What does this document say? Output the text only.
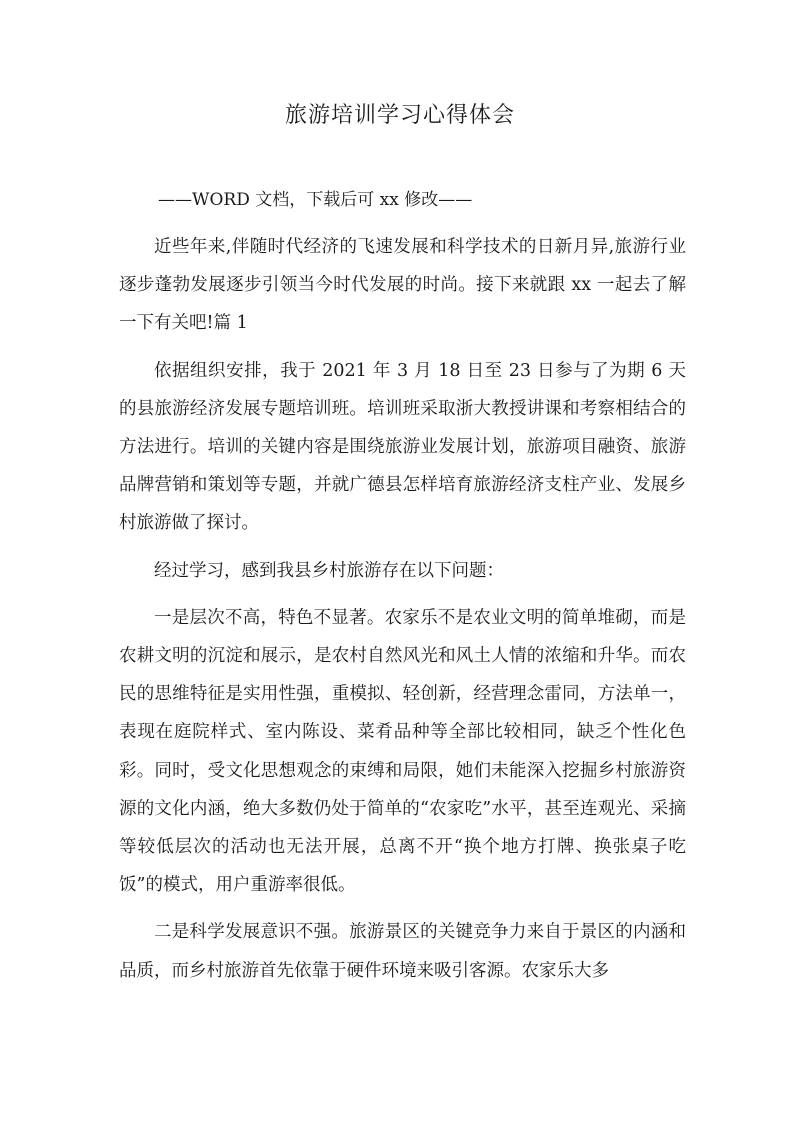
旅游培训学习心得体会
——WORD 文档，下载后可 xx 修改——

近些年来,伴随时代经济的飞速发展和科学技术的日新月异,旅游行业逐步蓬勃发展逐步引领当今时代发展的时尚。接下来就跟 xx 一起去了解一下有关吧!篇 1

依据组织安排，我于 2021 年 3 月 18 日至 23 日参与了为期 6 天的县旅游经济发展专题培训班。培训班采取浙大教授讲课和考察相结合的方法进行。培训的关键内容是围绕旅游业发展计划，旅游项目融资、旅游品牌营销和策划等专题，并就广德县怎样培育旅游经济支柱产业、发展乡村旅游做了探讨。

经过学习，感到我县乡村旅游存在以下问题：

一是层次不高，特色不显著。农家乐不是农业文明的简单堆砌，而是农耕文明的沉淀和展示，是农村自然风光和风土人情的浓缩和升华。而农民的思维特征是实用性强，重模拟、轻创新，经营理念雷同，方法单一，表现在庭院样式、室内陈设、菜肴品种等全部比较相同，缺乏个性化色彩。同时，受文化思想观念的束缚和局限，她们未能深入挖掘乡村旅游资源的文化内涵，绝大多数仍处于简单的“农家吃”水平，甚至连观光、采摘等较低层次的活动也无法开展，总离不开“换个地方打牌、换张桌子吃饭”的模式，用户重游率很低。

二是科学发展意识不强。旅游景区的关键竞争力来自于景区的内涵和品质，而乡村旅游首先依靠于硬件环境来吸引客源。农家乐大多
